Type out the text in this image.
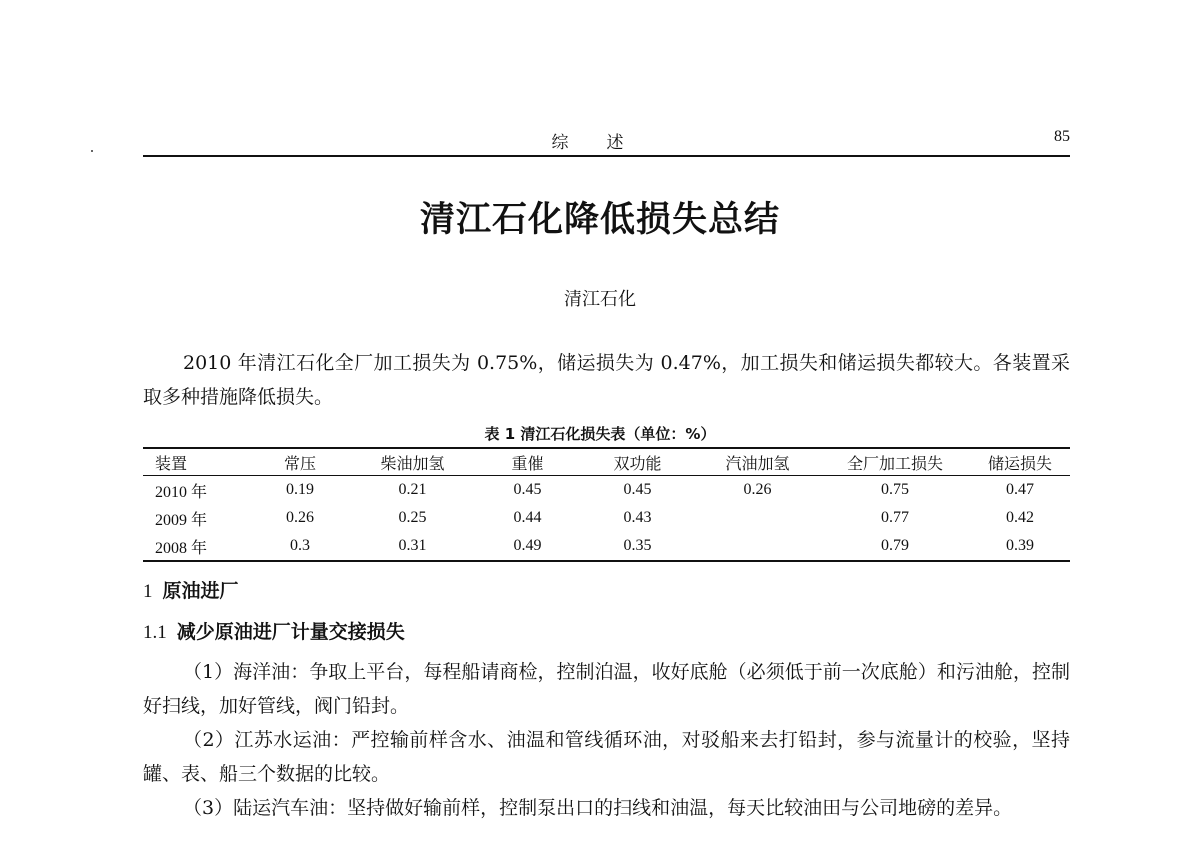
综述	85
清江石化降低损失总结
清江石化
2010 年清江石化全厂加工损失为 0.75%，储运损失为 0.47%，加工损失和储运损失都较大。各装置采取多种措施降低损失。
表 1 清江石化损失表（单位：%）
装置	常压	柴油加氢	重催	双功能	汽油加氢	全厂加工损失	储运损失
2010 年	0.19	0.21	0.45	0.45	0.26	0.75	0.47
2009 年	0.26	0.25	0.44	0.43		0.77	0.42
2008 年	0.3	0.31	0.49	0.35		0.79	0.39
1 原油进厂
1.1 减少原油进厂计量交接损失
（1）海洋油：争取上平台，每程船请商检，控制泊温，收好底舱（必须低于前一次底舱）和污油舱，控制好扫线，加好管线，阀门铅封。
（2）江苏水运油：严控输前样含水、油温和管线循环油，对驳船来去打铅封，参与流量计的校验，坚持罐、表、船三个数据的比较。
（3）陆运汽车油：坚持做好输前样，控制泵出口的扫线和油温，每天比较油田与公司地磅的差异。
